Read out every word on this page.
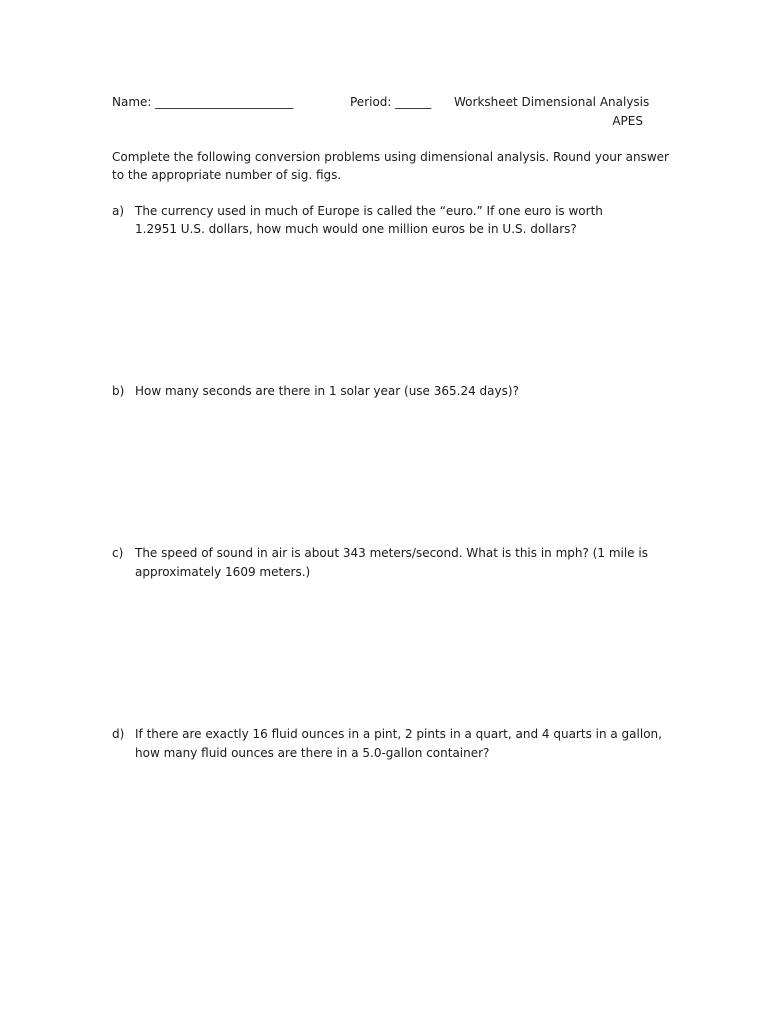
Name: _______________________	Period: ______ Worksheet Dimensional Analysis
APES
Complete the following conversion problems using dimensional analysis. Round your answer
to the appropriate number of sig. figs.
a) The currency used in much of Europe is called the “euro.” If one euro is worth
1.2951 U.S. dollars, how much would one million euros be in U.S. dollars?
b) How many seconds are there in 1 solar year (use 365.24 days)?
c) The speed of sound in air is about 343 meters/second. What is this in mph? (1 mile is
approximately 1609 meters.)
d) If there are exactly 16 fluid ounces in a pint, 2 pints in a quart, and 4 quarts in a gallon,
how many fluid ounces are there in a 5.0-gallon container?
